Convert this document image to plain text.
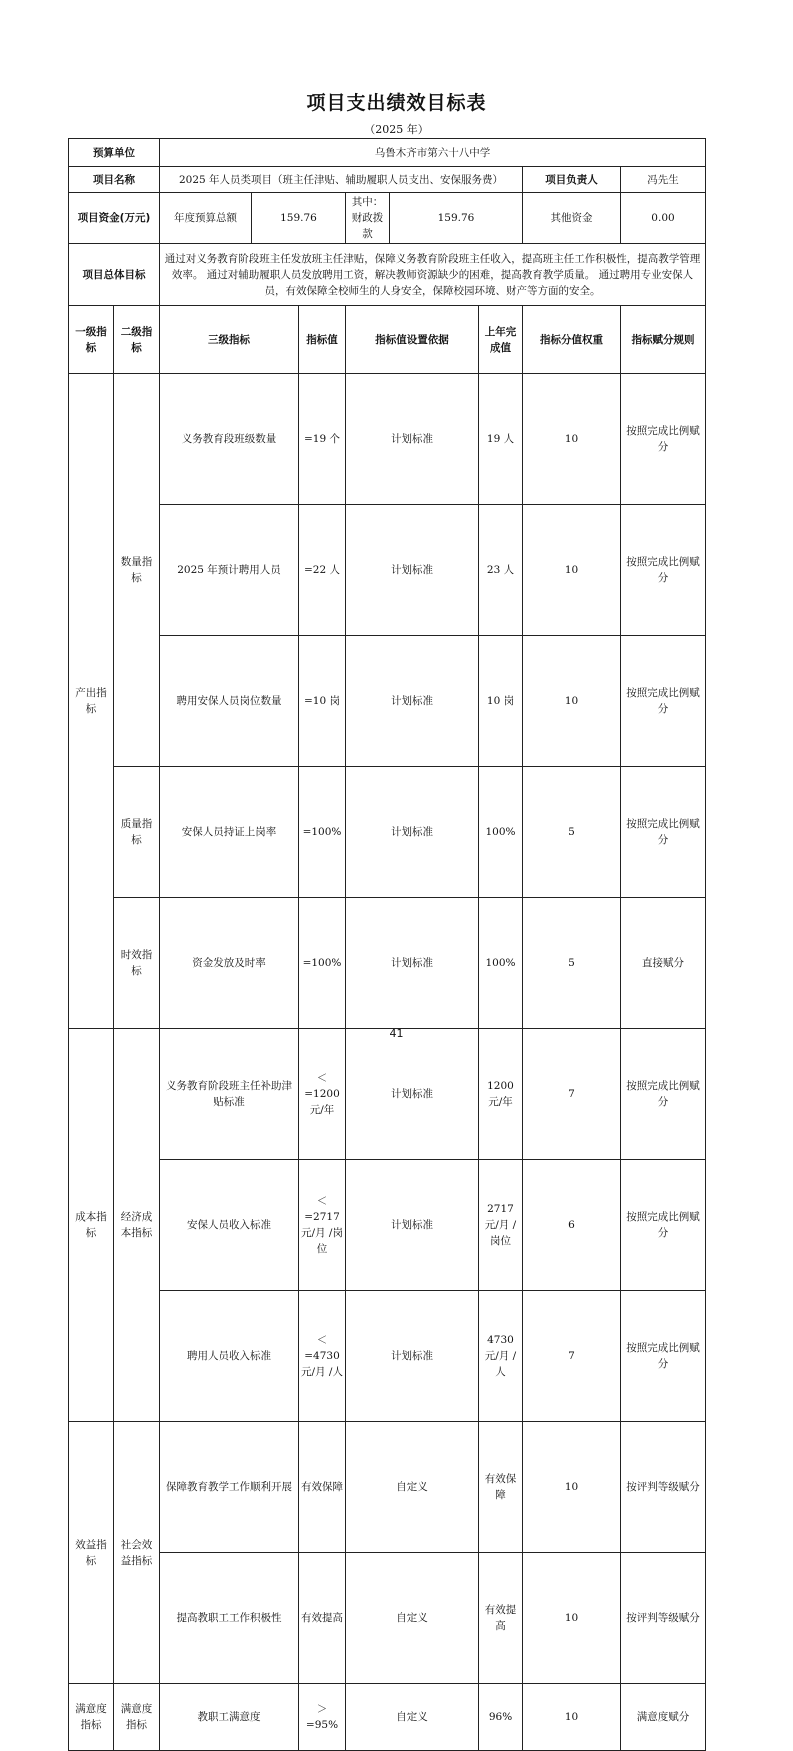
项目支出绩效目标表
（2025 年）
预算单位		乌鲁木齐市第六十八中学								
项目名称		2025 年人员类项目（班主任津贴、辅助履职人员支出、安保服务费）						项目负责人	冯先生	
项目资金(万元)		年度预算总额	159.76		其中：财政拨款	159.76		其他资金	0.00	
项目总体目标		通过对义务教育阶段班主任发放班主任津贴，保障义务教育阶段班主任收入，提高班主任工作积极性，提高教学管理效率。 通过对辅助履职人员发放聘用工资，解决教师资源缺少的困难，提高教育教学质量。 通过聘用专业安保人员，有效保障全校师生的人身安全，保障校园环境、财产等方面的安全。								
一级指标	二级指标	三级指标		指标值	指标值设置依据		上年完成值	指标分值权重	指标赋分规则	
产出指标	数量指标	义务教育段班级数量		=19 个	计划标准		19 人	10	按照完成比例赋分	
		2025 年预计聘用人员		=22 人	计划标准		23 人	10	按照完成比例赋分	
		聘用安保人员岗位数量		=10 岗	计划标准		10 岗	10	按照完成比例赋分	
	质量指标	安保人员持证上岗率		=100%	计划标准		100%	5	按照完成比例赋分	
	时效指标	资金发放及时率		=100%	计划标准		100%	5	直接赋分	
成本指标	经济成本指标	义务教育阶段班主任补助津贴标准		＜ =1200 元/年	计划标准		1200 元/年	7	按照完成比例赋分	
		安保人员收入标准		＜ =2717 元/月 /岗位	计划标准		2717 元/月 /岗位	6	按照完成比例赋分	
		聘用人员收入标准		＜ =4730 元/月 /人	计划标准		4730 元/月 /人	7	按照完成比例赋分	
效益指标	社会效益指标	保障教育教学工作顺利开展		有效保障	自定义		有效保障	10	按评判等级赋分	
		提高教职工工作积极性		有效提高	自定义		有效提高	10	按评判等级赋分	
满意度指标	满意度指标	教职工满意度		＞ =95%	自定义		96%	10	满意度赋分	
41
